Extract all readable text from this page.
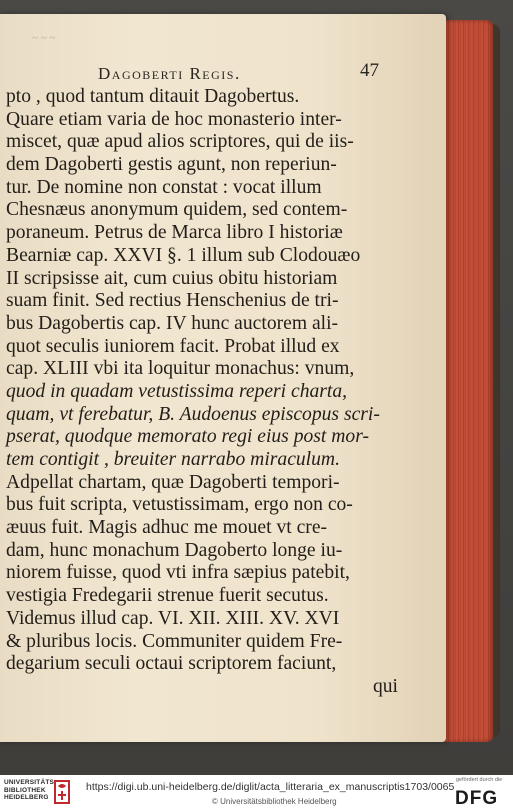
~ ~ ~
Dagoberti Regis.	47
pto , quod tantum ditauit Dagobertus.
Quare etiam varia de hoc monasterio inter-
miscet, quæ apud alios scriptores, qui de iis-
dem Dagoberti gestis agunt, non reperiun-
tur. De nomine non constat : vocat illum
Chesnæus anonymum quidem, sed contem-
poraneum. Petrus de Marca libro I historiæ
Bearniæ cap. XXVI §. 1 illum sub Clodouæo
II scripsisse ait, cum cuius obitu historiam
suam finit. Sed rectius Henschenius de tri-
bus Dagobertis cap. IV hunc auctorem ali-
quot seculis iuniorem facit. Probat illud ex
cap. XLIII vbi ita loquitur monachus: vnum,
quod in quadam vetustissima reperi charta,
quam, vt ferebatur, B. Audoenus episcopus scri-
pserat, quodque memorato regi eius post mor-
tem contigit , breuiter narrabo miraculum.
Adpellat chartam, quæ Dagoberti tempori-
bus fuit scripta, vetustissimam, ergo non co-
æuus fuit. Magis adhuc me mouet vt cre-
dam, hunc monachum Dagoberto longe iu-
niorem fuisse, quod vti infra sæpius patebit,
vestigia Fredegarii strenue fuerit secutus.
Videmus illud cap. VI. XII. XIII. XV. XVI
& pluribus locis. Communiter quidem Fre-
degarium seculi octaui scriptorem faciunt,
qui
UNIVERSITÄTS-
BIBLIOTHEK
HEIDELBERG
https://digi.ub.uni-heidelberg.de/diglit/acta_litteraria_ex_manuscriptis1703/0065
© Universitätsbibliothek Heidelberg
gefördert durch die
DFG
